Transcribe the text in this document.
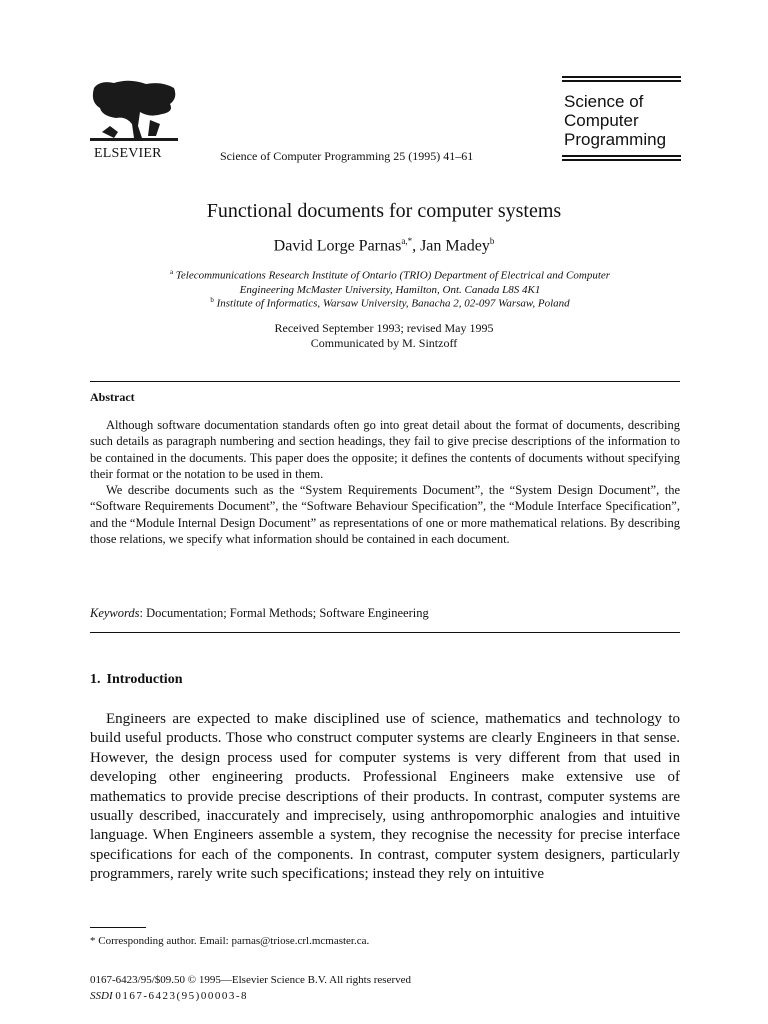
ELSEVIER	Science of Computer Programming 25 (1995) 41–61
Science of
Computer
Programming
Functional documents for computer systems
David Lorge Parnas$^{a,*}$, Jan Madey$^b$
$^a$ Telecommunications Research Institute of Ontario (TRIO) Department of Electrical and Computer
Engineering McMaster University, Hamilton, Ont. Canada L8S 4K1
$^b$ Institute of Informatics, Warsaw University, Banacha 2, 02-097 Warsaw, Poland
Received September 1993; revised May 1995
Communicated by M. Sintzoff
Abstract

Although software documentation standards often go into great detail about the format of documents, describing such details as paragraph numbering and section headings, they fail to give precise descriptions of the information to be contained in the documents. This paper does the opposite; it defines the contents of documents without specifying their format or the notation to be used in them.

We describe documents such as the “System Requirements Document”, the “System Design Document”, the “Software Requirements Document”, the “Software Behaviour Specification”, the “Module Interface Specification”, and the “Module Internal Design Document” as representations of one or more mathematical relations. By describing those relations, we specify what information should be contained in each document.

Keywords: Documentation; Formal Methods; Software Engineering
1. Introduction

Engineers are expected to make disciplined use of science, mathematics and technology to build useful products. Those who construct computer systems are clearly Engineers in that sense. However, the design process used for computer systems is very different from that used in developing other engineering products. Professional Engineers make extensive use of mathematics to provide precise descriptions of their products. In contrast, computer systems are usually described, inaccurately and imprecisely, using anthropomorphic analogies and intuitive language. When Engineers assemble a system, they recognise the necessity for precise interface specifications for each of the components. In contrast, computer system designers, particularly programmers, rarely write such specifications; instead they rely on intuitive

* Corresponding author. Email: parnas@triose.crl.mcmaster.ca.
0167-6423/95/$09.50 © 1995—Elsevier Science B.V. All rights reserved
SSDI 0167-6423(95)00003-8
